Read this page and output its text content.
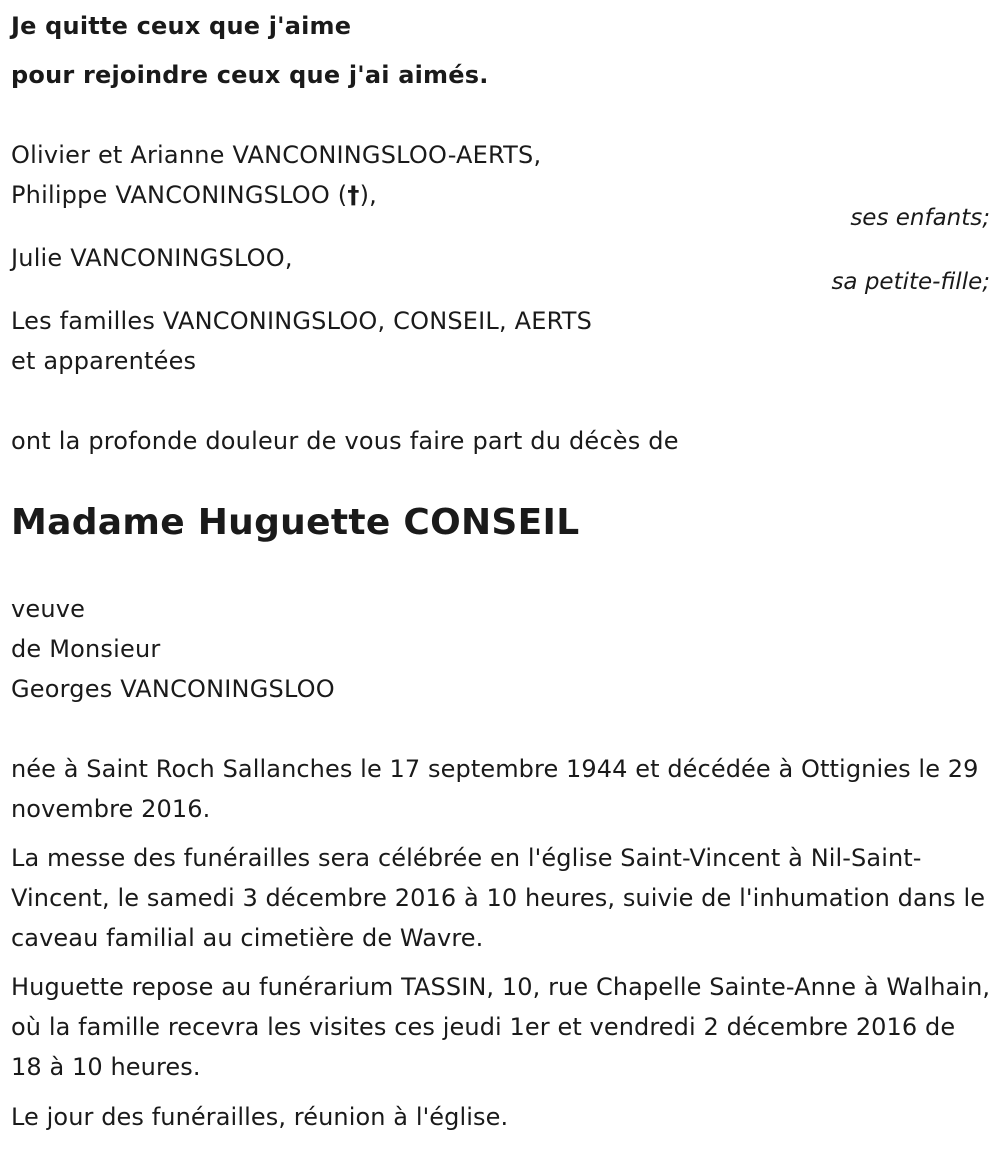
Je quitte ceux que j'aime
pour rejoindre ceux que j'ai aimés.
Olivier et Arianne VANCONINGSLOO-AERTS,
Philippe VANCONINGSLOO (†),
ses enfants;
Julie VANCONINGSLOO,
sa petite-fille;
Les familles VANCONINGSLOO, CONSEIL, AERTS
et apparentées
ont la profonde douleur de vous faire part du décès de
Madame Huguette CONSEIL
veuve
de Monsieur
Georges VANCONINGSLOO
née à Saint Roch Sallanches le 17 septembre 1944 et décédée à Ottignies le 29 novembre 2016.
La messe des funérailles sera célébrée en l'église Saint-Vincent à Nil-Saint-Vincent, le samedi 3 décembre 2016 à 10 heures, suivie de l'inhumation dans le caveau familial au cimetière de Wavre.
Huguette repose au funérarium TASSIN, 10, rue Chapelle Sainte-Anne à Walhain, où la famille recevra les visites ces jeudi 1er et vendredi 2 décembre 2016 de 18 à 10 heures.
Le jour des funérailles, réunion à l'église.
